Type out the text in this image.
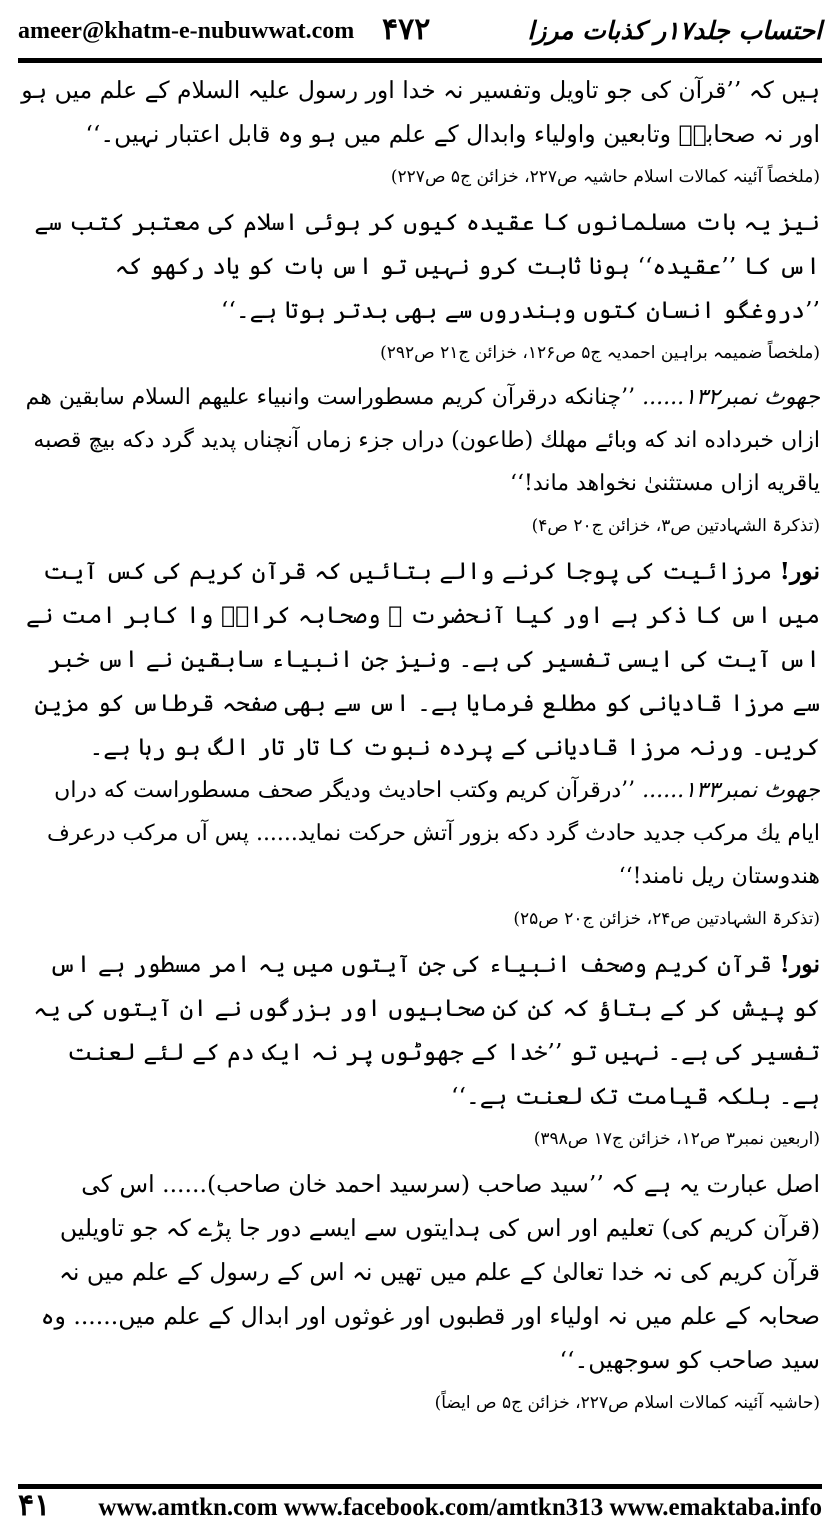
ameer@khatm-e-nubuwwat.com ۴۷۲	احتساب جلد۱۷ر کذبات مرزا

ہیں کہ ’’قرآن کی جو تاویل وتفسیر نہ خدا اور رسول علیہ السلام کے علم میں ہو اور نہ صحابہؓ وتابعین واولیاء وابدال کے علم میں ہو وہ قابل اعتبار نہیں۔‘‘

(ملخصاً آئینہ کمالات اسلام حاشیہ ص۲۲۷، خزائن ج۵ ص۲۲۷)

نیز یہ بات مسلمانوں کا عقیدہ کیوں کر ہوئی اسلام کی معتبر کتب سے اس کا ’’عقیدہ‘‘ ہونا ثابت کرو نہیں تو اس بات کو یاد رکھو کہ ’’دروغگو انسان کتوں وبندروں سے بھی بدتر ہوتا ہے۔‘‘

(ملخصاً ضمیمہ براہین احمدیہ ج۵ ص۱۲۶، خزائن ج۲۱ ص۲۹۲)

جھوٹ نمبر۱۳۲...... ’’چنانکه درقرآن کریم مسطوراست وانبیاء علیهم السلام سابقین هم ازاں خبرداده اند که وبائے مهلك (طاعون) دراں جزء زماں آنچناں پدید گرد دکه بیچ قصبه یاقریه ازاں مستثنیٰ نخواهد ماند!‘‘

(تذکرۃ الشہادتین ص۳، خزائن ج۲۰ ص۴)

نور! مرزائیت کی پوجا کرنے والے بتائیں کہ قرآن کریم کی کس آیت میں اس کا ذکر ہے اور کیا آنحضرت ﷺ وصحابہ کرامؓ وا کابر امت نے اس آیت کی ایسی تفسیر کی ہے۔ ونیز جن انبیاء سابقین نے اس خبر سے مرزا قادیانی کو مطلع فرمایا ہے۔ اس سے بھی صفحہ قرطاس کو مزین کریں۔ ورنہ مرزا قادیانی کے پردہ نبوت کا تار تار الگ ہو رہا ہے۔

جھوٹ نمبر۱۳۳...... ’’درقرآن کریم وکتب احادیث ودیگر صحف مسطوراست که دراں ایام یك مرکب جدید حادث گرد دکه بزور آتش حرکت نماید...... پس آں مرکب درعرف هندوستان ریل نامند!‘‘

(تذکرۃ الشہادتین ص۲۴، خزائن ج۲۰ ص۲۵)

نور! قرآن کریم وصحف انبیاء کی جن آیتوں میں یہ امر مسطور ہے اس کو پیش کر کے بتاؤ کہ کن کن صحابیوں اور بزرگوں نے ان آیتوں کی یہ تفسیر کی ہے۔ نہیں تو ’’خدا کے جھوٹوں پر نہ ایک دم کے لئے لعنت ہے۔ بلکہ قیامت تک لعنت ہے۔‘‘

(اربعین نمبر۳ ص۱۲، خزائن ج۱۷ ص۳۹۸)

اصل عبارت یہ ہے کہ ’’سید صاحب (سرسید احمد خان صاحب)...... اس کی (قرآن کریم کی) تعلیم اور اس کی ہدایتوں سے ایسے دور جا پڑے کہ جو تاویلیں قرآن کریم کی نہ خدا تعالیٰ کے علم میں تھیں نہ اس کے رسول کے علم میں نہ صحابہ کے علم میں نہ اولیاء اور قطبوں اور غوثوں اور ابدال کے علم میں...... وہ سید صاحب کو سوجھیں۔‘‘

(حاشیہ آئینہ کمالات اسلام ص۲۲۷، خزائن ج۵ ص ایضاً)
۴۱ www.amtkn.com www.facebook.com/amtkn313 www.emaktaba.info
